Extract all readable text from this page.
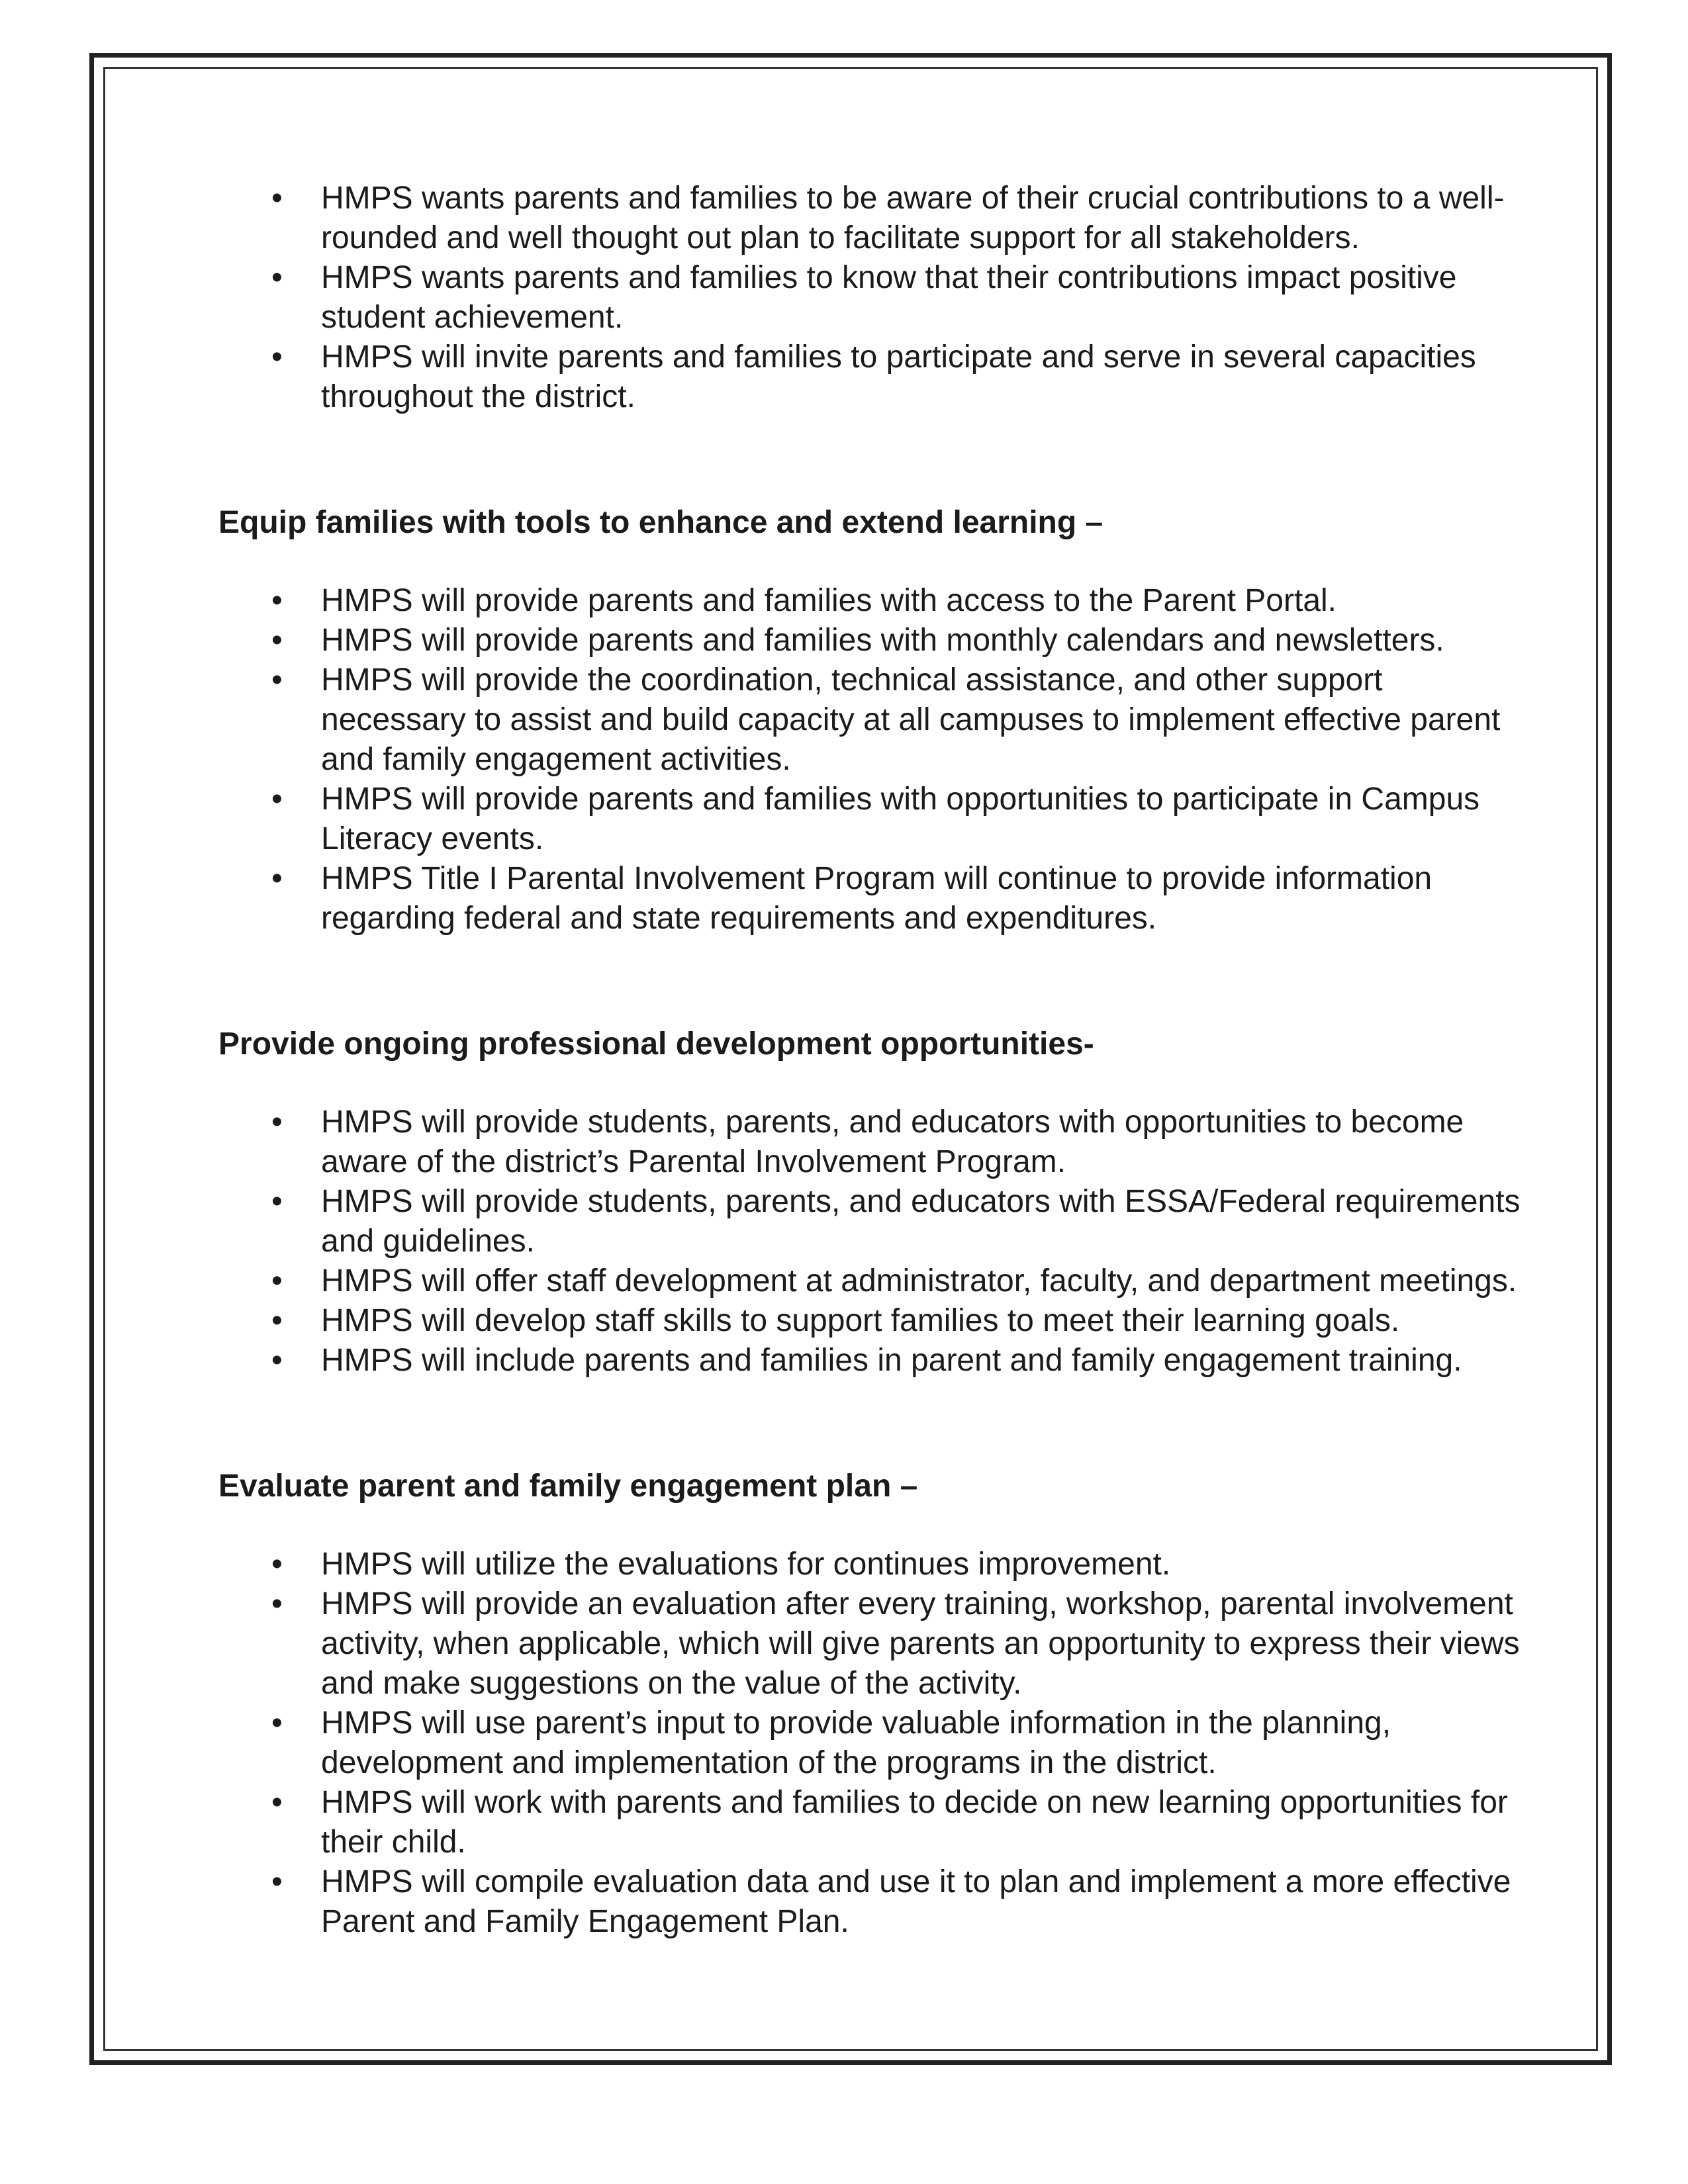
• HMPS wants parents and families to be aware of their crucial contributions to a well-rounded and well thought out plan to facilitate support for all stakeholders.
• HMPS wants parents and families to know that their contributions impact positive student achievement.
• HMPS will invite parents and families to participate and serve in several capacities throughout the district.
Equip families with tools to enhance and extend learning –
• HMPS will provide parents and families with access to the Parent Portal.
• HMPS will provide parents and families with monthly calendars and newsletters.
• HMPS will provide the coordination, technical assistance, and other support necessary to assist and build capacity at all campuses to implement effective parent and family engagement activities.
• HMPS will provide parents and families with opportunities to participate in Campus Literacy events.
• HMPS Title I Parental Involvement Program will continue to provide information regarding federal and state requirements and expenditures.
Provide ongoing professional development opportunities-
• HMPS will provide students, parents, and educators with opportunities to become aware of the district’s Parental Involvement Program.
• HMPS will provide students, parents, and educators with ESSA/Federal requirements and guidelines.
• HMPS will offer staff development at administrator, faculty, and department meetings.
• HMPS will develop staff skills to support families to meet their learning goals.
• HMPS will include parents and families in parent and family engagement training.
Evaluate parent and family engagement plan –
• HMPS will utilize the evaluations for continues improvement.
• HMPS will provide an evaluation after every training, workshop, parental involvement activity, when applicable, which will give parents an opportunity to express their views and make suggestions on the value of the activity.
• HMPS will use parent’s input to provide valuable information in the planning, development and implementation of the programs in the district.
• HMPS will work with parents and families to decide on new learning opportunities for their child.
• HMPS will compile evaluation data and use it to plan and implement a more effective Parent and Family Engagement Plan.
